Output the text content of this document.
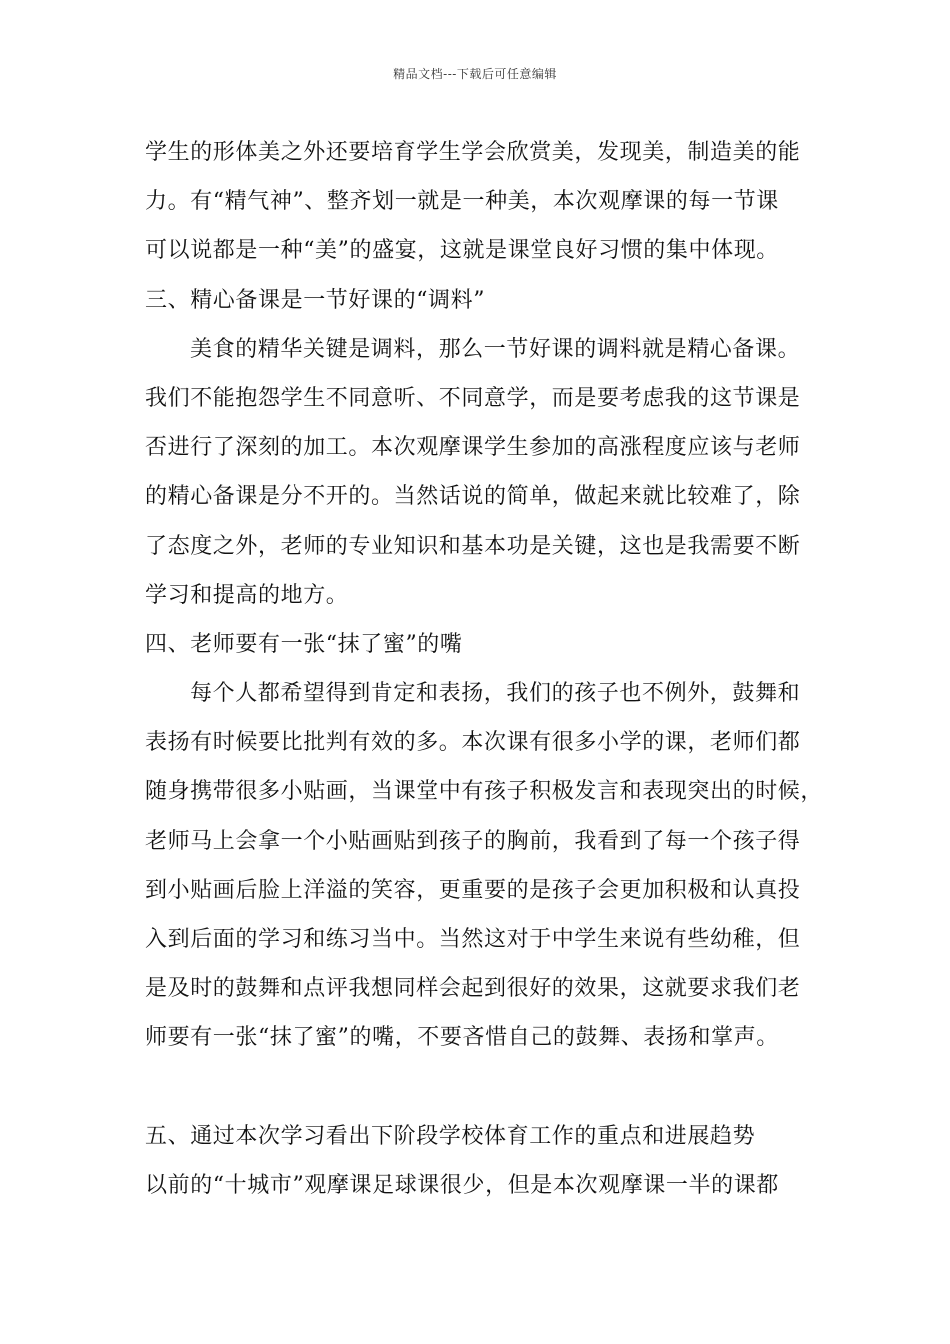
精品文档---下载后可任意编辑
学生的形体美之外还要培育学生学会欣赏美，发现美，制造美的能
力。有“精气神”、整齐划一就是一种美，本次观摩课的每一节课
可以说都是一种“美”的盛宴，这就是课堂良好习惯的集中体现。
三、精心备课是一节好课的“调料”
美食的精华关键是调料，那么一节好课的调料就是精心备课。
我们不能抱怨学生不同意听、不同意学，而是要考虑我的这节课是
否进行了深刻的加工。本次观摩课学生参加的高涨程度应该与老师
的精心备课是分不开的。当然话说的简单，做起来就比较难了，除
了态度之外，老师的专业知识和基本功是关键，这也是我需要不断
学习和提高的地方。
四、老师要有一张“抹了蜜”的嘴
每个人都希望得到肯定和表扬，我们的孩子也不例外，鼓舞和
表扬有时候要比批判有效的多。本次课有很多小学的课，老师们都
随身携带很多小贴画，当课堂中有孩子积极发言和表现突出的时候，
老师马上会拿一个小贴画贴到孩子的胸前，我看到了每一个孩子得
到小贴画后脸上洋溢的笑容，更重要的是孩子会更加积极和认真投
入到后面的学习和练习当中。当然这对于中学生来说有些幼稚，但
是及时的鼓舞和点评我想同样会起到很好的效果，这就要求我们老
师要有一张“抹了蜜”的嘴，不要吝惜自己的鼓舞、表扬和掌声。
五、通过本次学习看出下阶段学校体育工作的重点和进展趋势
以前的“十城市”观摩课足球课很少，但是本次观摩课一半的课都
